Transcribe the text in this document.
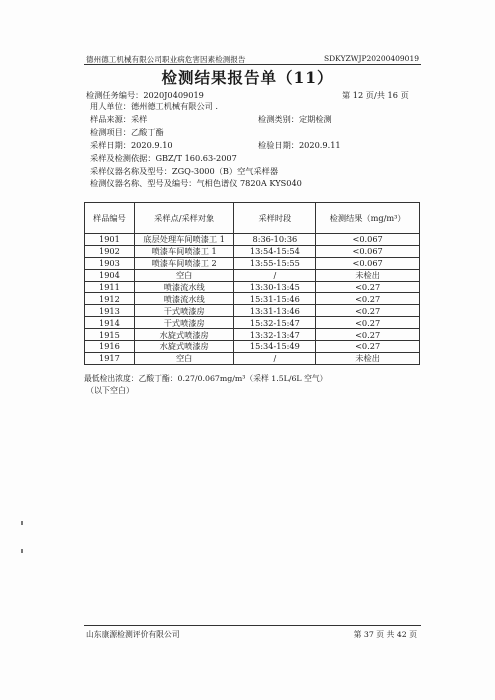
德州德工机械有限公司职业病危害因素检测报告	SDKYZWJP20200409019
检测结果报告单（11）
检测任务编号：2020J0409019	第 12 页/共 16 页
用人单位：德州德工机械有限公司 .
样品来源：采样	检测类别：定期检测
检测项目：乙酸丁酯
采样日期：2020.9.10	检验日期：2020.9.11
采样及检测依据：GBZ/T 160.63-2007
采样仪器名称及型号：ZGQ-3000（B）空气采样器
检测仪器名称、型号及编号：气相色谱仪 7820A KYS040
样品编号	采样点/采样对象	采样时段	检测结果（mg/m³）
1901	底层处理车间喷漆工 1	8:36-10:36	<0.067
1902	喷漆车间喷漆工 1	13:54-15:54	<0.067
1903	喷漆车间喷漆工 2	13:55-15:55	<0.067
1904	空白	/	未检出
1911	喷漆流水线	13:30-13:45	<0.27
1912	喷漆流水线	15:31-15:46	<0.27
1913	干式喷漆房	13:31-13:46	<0.27
1914	干式喷漆房	15:32-15:47	<0.27
1915	水旋式喷漆房	13:32-13:47	<0.27
1916	水旋式喷漆房	15:34-15:49	<0.27
1917	空白	/	未检出
最低检出浓度：乙酸丁酯：0.27/0.067mg/m³（采样 1.5L/6L 空气）
（以下空白）
山东康源检测评价有限公司	第 37 页 共 42 页
